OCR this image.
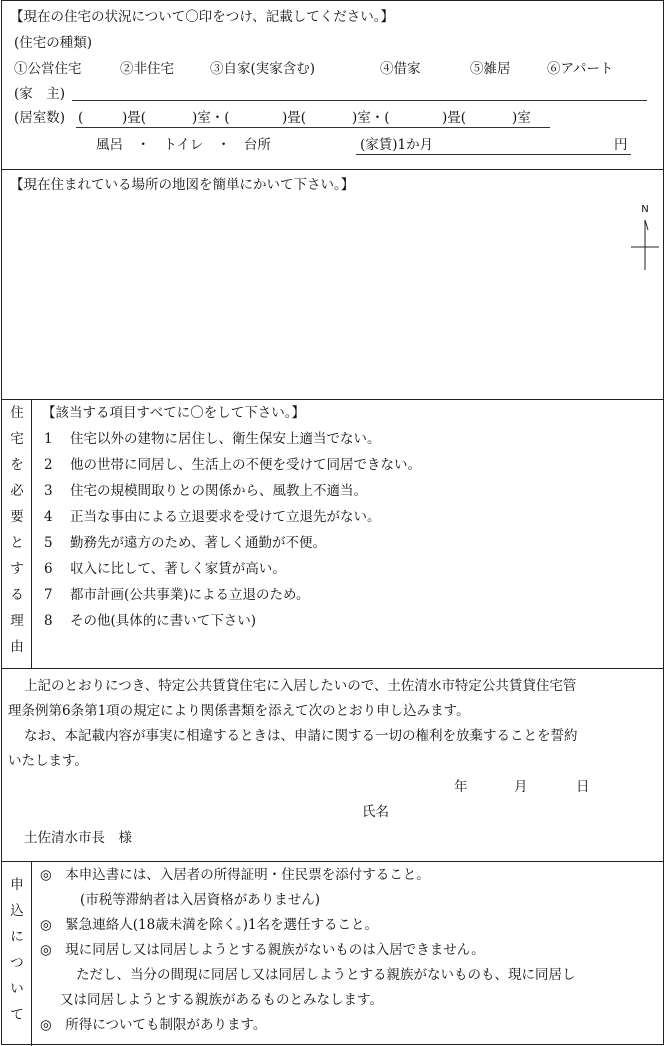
【現在の住宅の状況について〇印をつけ、記載してください。】
(住宅の種類)
①公営住宅	②非住宅	③自家(実家含む)	④借家	⑤雑居	⑥アパート
(家　主)
(居室数) (	)畳(	)室・(	)畳(	)室・(	)畳(	)室
風呂　・　トイレ　・　台所	(家賃)1か月	円
【現在住まれている場所の地図を簡単にかいて下さい。】
N
住
宅
を
必
要
と
す
る
理
由
【該当する項目すべてに〇をして下さい。】
1 住宅以外の建物に居住し、衛生保安上適当でない。
2 他の世帯に同居し、生活上の不便を受けて同居できない。
3 住宅の規模間取りとの関係から、風教上不適当。
4 正当な事由による立退要求を受けて立退先がない。
5 勤務先が遠方のため、著しく通勤が不便。
6 収入に比して、著しく家賃が高い。
7 都市計画(公共事業)による立退のため。
8 その他(具体的に書いて下さい)
上記のとおりにつき、特定公共賃貸住宅に入居したいので、土佐清水市特定公共賃貸住宅管
理条例第6条第1項の規定により関係書類を添えて次のとおり申し込みます。
なお、本記載内容が事実に相違するときは、申請に関する一切の権利を放棄することを誓約
いたします。
年	月	日
氏名
土佐清水市長　様
申
込
に
つ
い
て
◎　本申込書には、入居者の所得証明・住民票を添付すること。
(市税等滞納者は入居資格がありません)
◎　緊急連絡人(18歳未満を除く。)1名を選任すること。
◎　現に同居し又は同居しようとする親族がないものは入居できません。
ただし、当分の間現に同居し又は同居しようとする親族がないものも、現に同居し
又は同居しようとする親族があるものとみなします。
◎　所得についても制限があります。
